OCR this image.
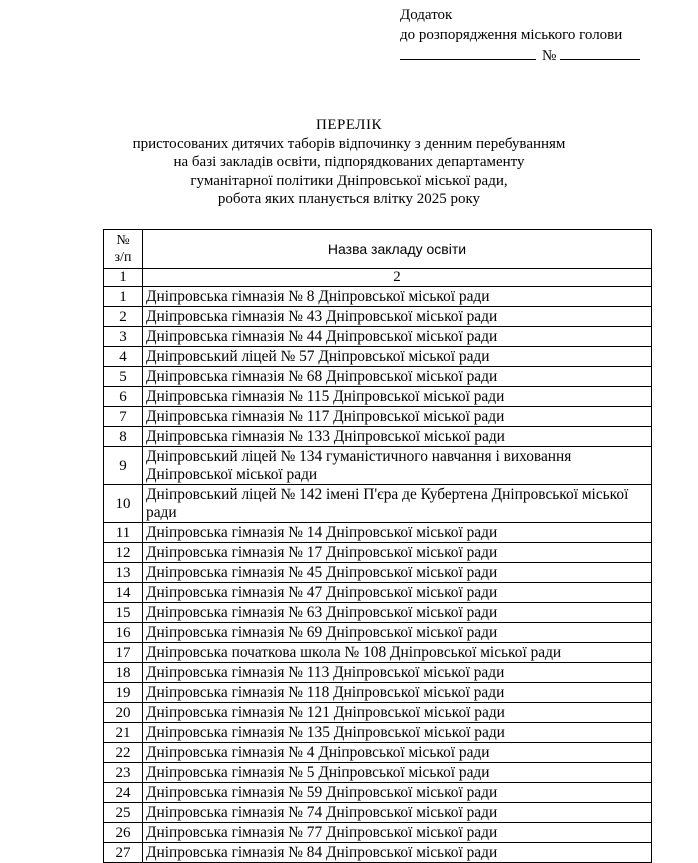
Додаток
до розпорядження міського голови
№
ПЕРЕЛІК
пристосованих дитячих таборів відпочинку з денним перебуванням
на базі закладів освіти, підпорядкованих департаменту
гуманітарної політики Дніпровської міської ради,
робота яких планується влітку 2025 року
№
з/п	Назва закладу освіти
1	2
1	Дніпровська гімназія № 8 Дніпровської міської ради
2	Дніпровська гімназія № 43 Дніпровської міської ради
3	Дніпровська гімназія № 44 Дніпровської міської ради
4	Дніпровський ліцей № 57 Дніпровської міської ради
5	Дніпровська гімназія № 68 Дніпровської міської ради
6	Дніпровська гімназія № 115 Дніпровської міської ради
7	Дніпровська гімназія № 117 Дніпровської міської ради
8	Дніпровська гімназія № 133 Дніпровської міської ради
9	Дніпровський ліцей № 134 гуманістичного навчання і виховання Дніпровської міської ради
10	Дніпровський ліцей № 142 імені П'єра де Кубертена Дніпровської міської ради
11	Дніпровська гімназія № 14 Дніпровської міської ради
12	Дніпровська гімназія № 17 Дніпровської міської ради
13	Дніпровська гімназія № 45 Дніпровської міської ради
14	Дніпровська гімназія № 47 Дніпровської міської ради
15	Дніпровська гімназія № 63 Дніпровської міської ради
16	Дніпровська гімназія № 69 Дніпровської міської ради
17	Дніпровська початкова школа № 108 Дніпровської міської ради
18	Дніпровська гімназія № 113 Дніпровської міської ради
19	Дніпровська гімназія № 118 Дніпровської міської ради
20	Дніпровська гімназія № 121 Дніпровської міської ради
21	Дніпровська гімназія № 135 Дніпровської міської ради
22	Дніпровська гімназія № 4 Дніпровської міської ради
23	Дніпровська гімназія № 5 Дніпровської міської ради
24	Дніпровська гімназія № 59 Дніпровської міської ради
25	Дніпровська гімназія № 74 Дніпровської міської ради
26	Дніпровська гімназія № 77 Дніпровської міської ради
27	Дніпровська гімназія № 84 Дніпровської міської ради
